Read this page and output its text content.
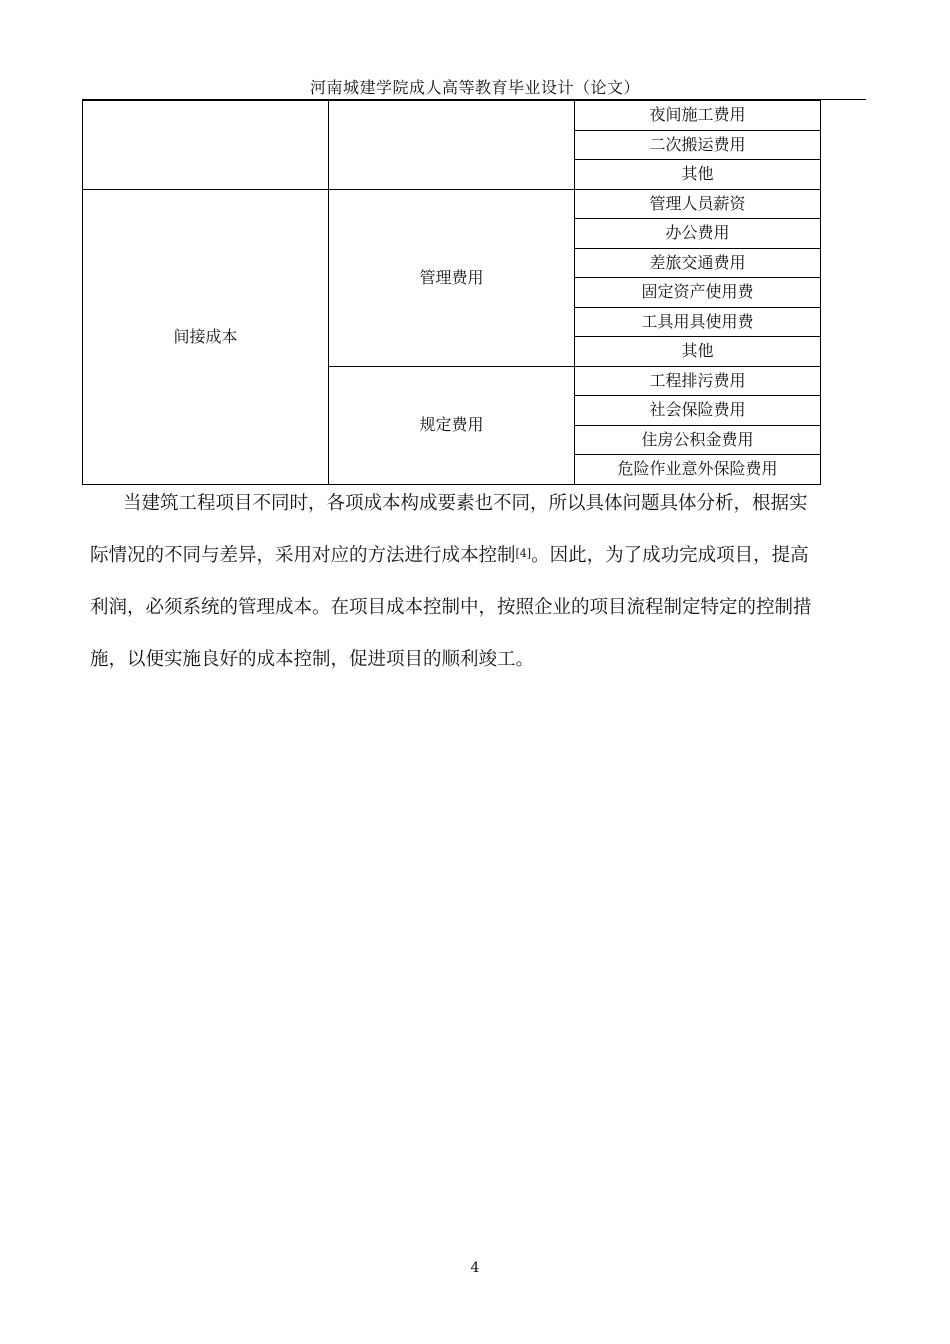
河南城建学院成人高等教育毕业设计（论文）
		夜间施工费用
		二次搬运费用
		其他
间接成本	管理费用	管理人员薪资
		办公费用
		差旅交通费用
		固定资产使用费
		工具用具使用费
		其他
	规定费用	工程排污费用
		社会保险费用
		住房公积金费用
		危险作业意外保险费用
当建筑工程项目不同时，各项成本构成要素也不同，所以具体问题具体分析，根据实
际情况的不同与差异，采用对应的方法进行成本控制[4]。因此，为了成功完成项目，提高
利润，必须系统的管理成本。在项目成本控制中，按照企业的项目流程制定特定的控制措
施，以便实施良好的成本控制，促进项目的顺利竣工。
4
